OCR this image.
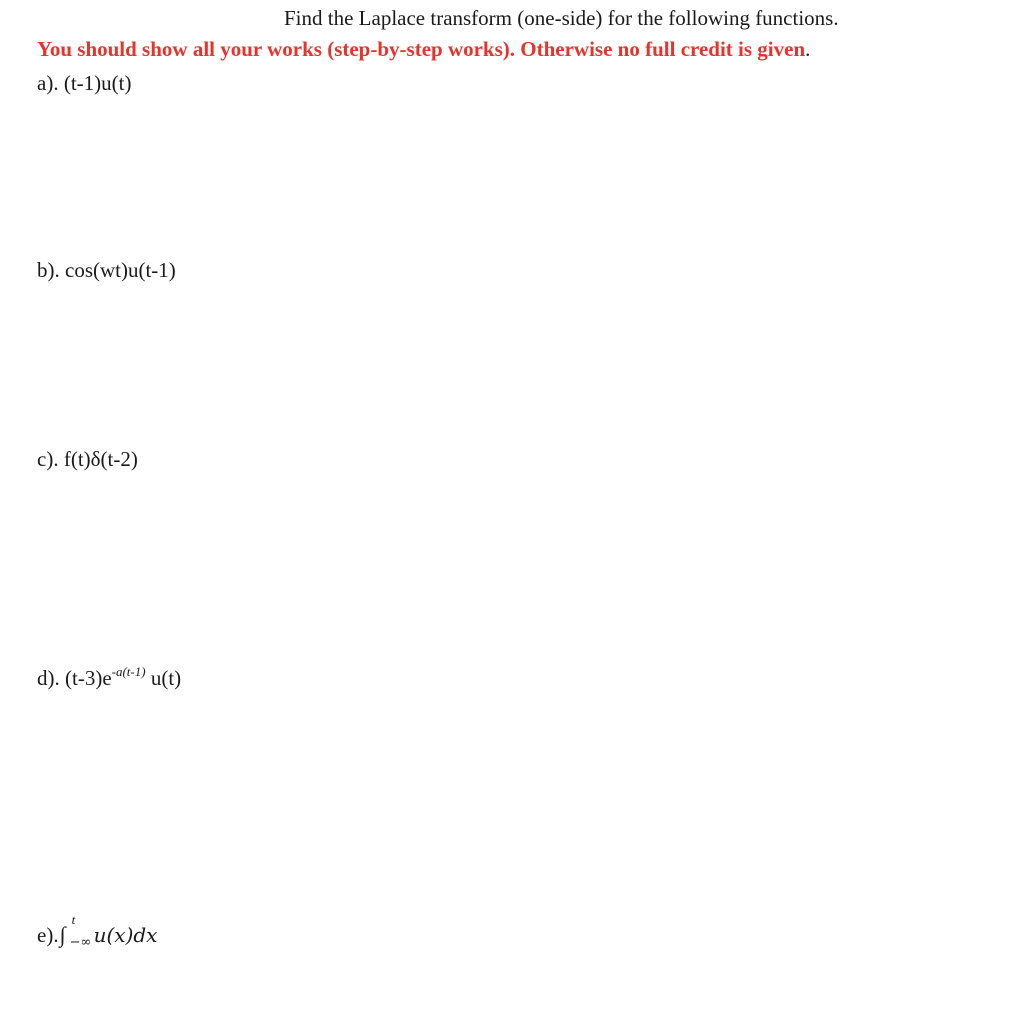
Find the Laplace transform (one-side) for the following functions.
You should show all your works (step-by-step works). Otherwise no full credit is given.
a). (t-1)u(t)
b). cos(wt)u(t-1)
c). f(t)δ(t-2)
d). $(t-3)e^{-a(t-1)}$ u(t)
e).∫
t
−∞ u(x)dx
